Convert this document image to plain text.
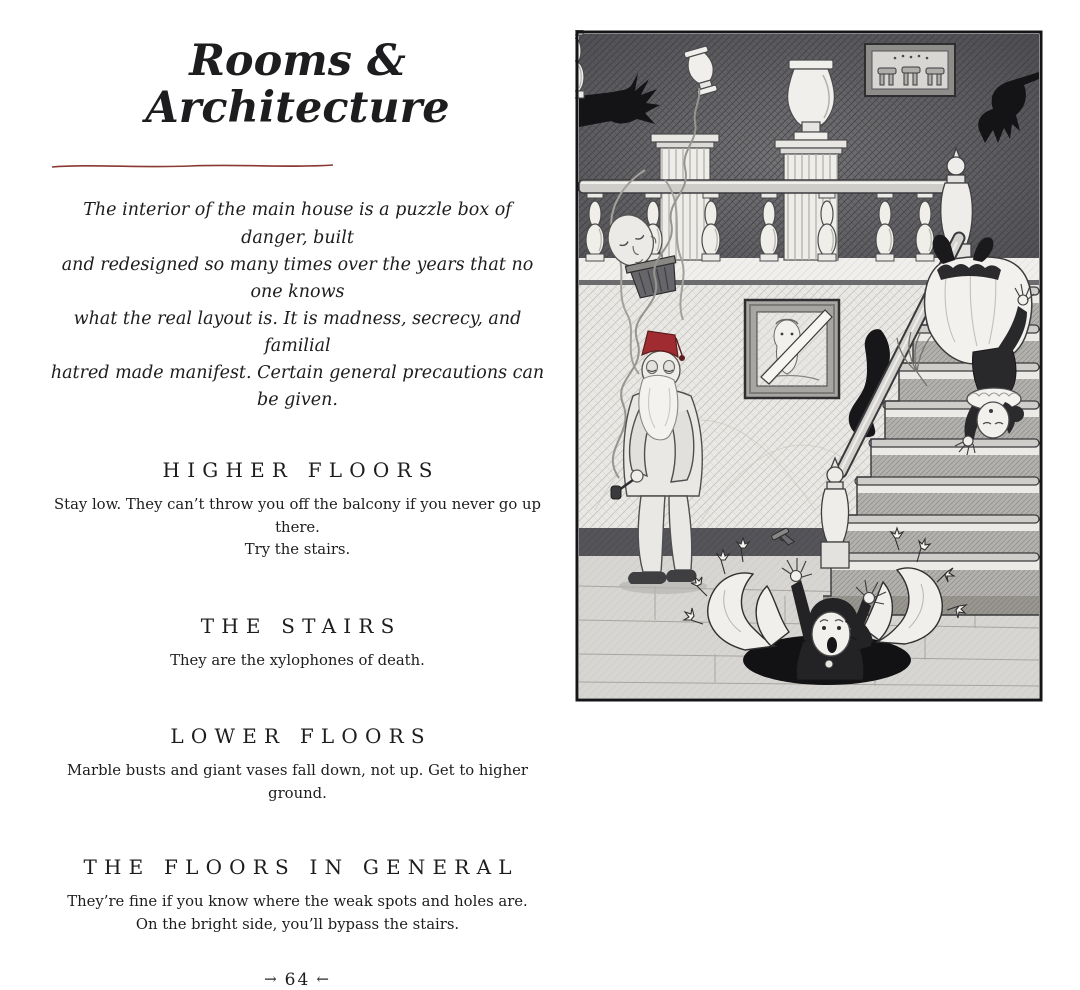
Rooms & Architecture
The interior of the main house is a puzzle box of danger, built
and redesigned so many times over the years that no one knows
what the real layout is. It is madness, secrecy, and familial
hatred made manifest. Certain general precautions can be given.
HIGHER FLOORS
Stay low. They can’t throw you off the balcony if you never go up there.
Try the stairs.
THE STAIRS
They are the xylophones of death.
LOWER FLOORS
Marble busts and giant vases fall down, not up. Get to higher ground.
THE FLOORS IN GENERAL
They’re fine if you know where the weak spots and holes are.
On the bright side, you’ll bypass the stairs.
→ 64 ←
